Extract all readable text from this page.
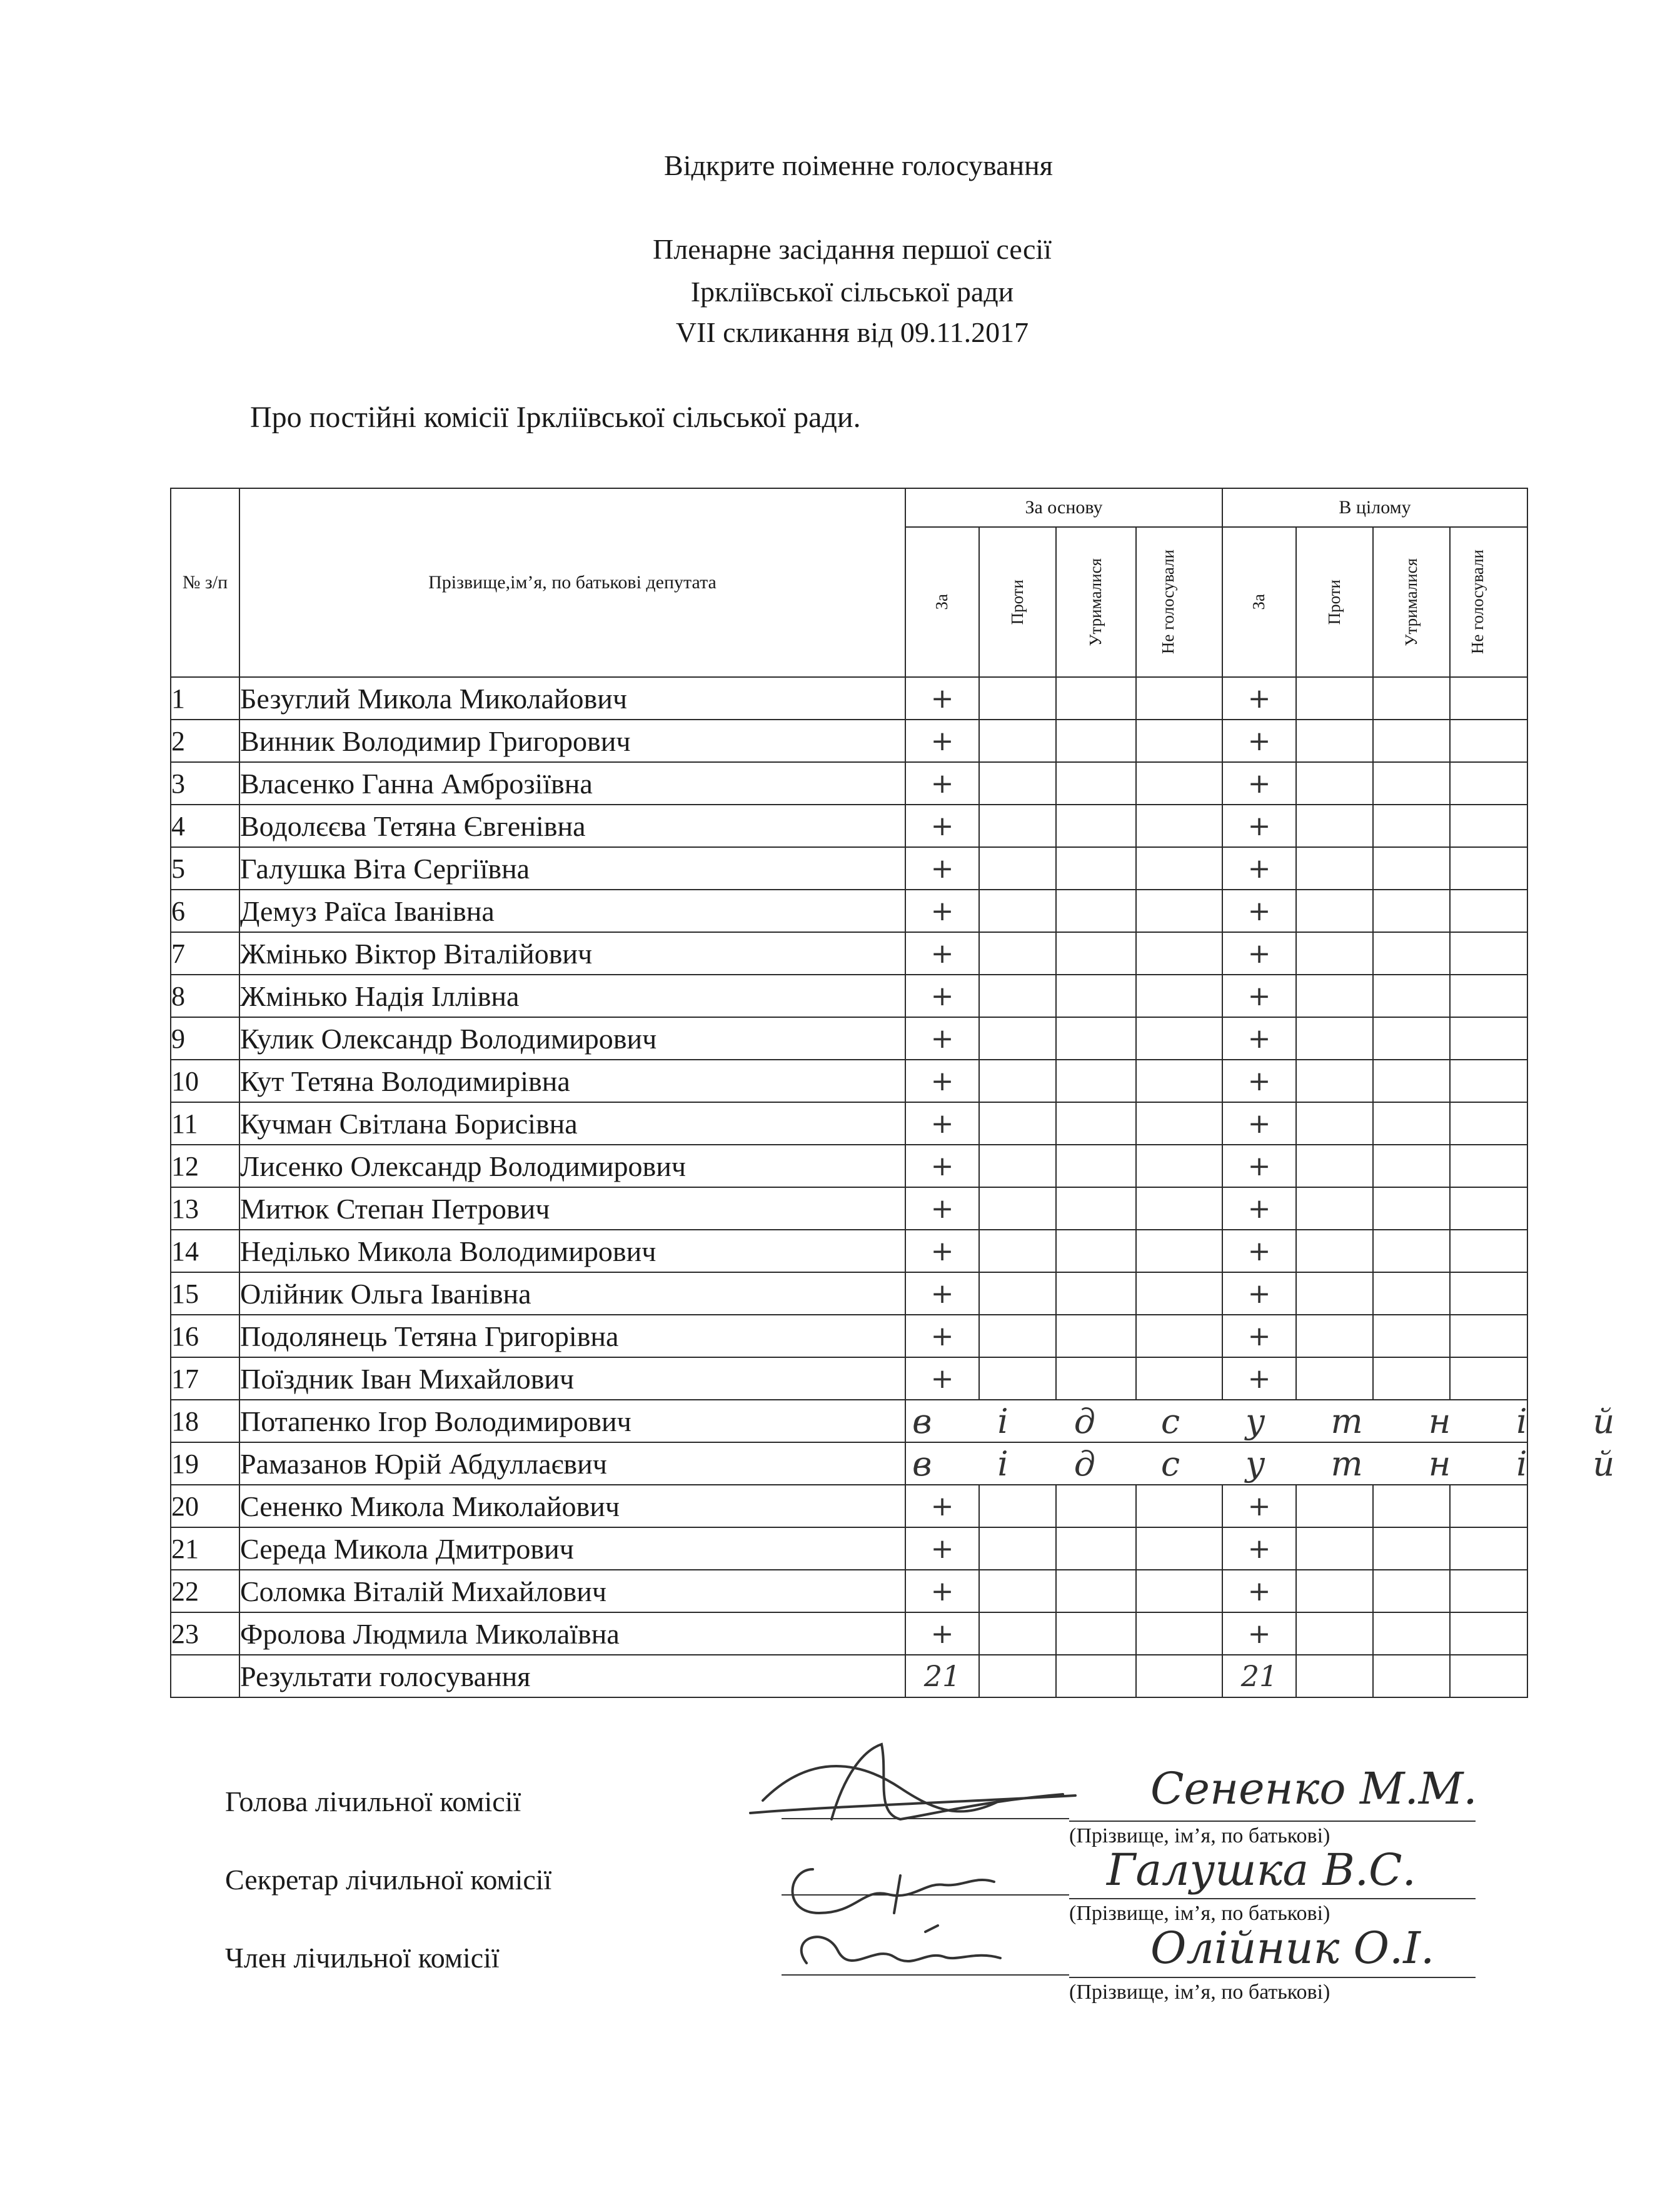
Відкрите поіменне голосування
Пленарне засідання першої сесії
Іркліївської сільської ради
VII скликання від 09.11.2017
Про постійні комісії Ірклiївської сільської ради.
№ з/п	Прізвище,ім’я, по батькові депутата	За основу				В цілому			

		За	Проти	Утрималися	Не голосували	За	Проти	Утрималися	Не голосували

1	Безуглий Микола Миколайович	+				+			
2	Винник Володимир Григорович	+				+			
3	Власенко Ганна Амброзіївна	+				+			
4	Водолєєва Тетяна Євгенівна	+				+			
5	Галушка Віта Сергіївна	+				+			
6	Демуз Раїса Іванівна	+				+			
7	Жмінько Віктор Віталійович	+				+			
8	Жмінько Надія Іллівна	+				+			
9	Кулик Олександр Володимирович	+				+			
10	Кут Тетяна Володимирівна	+				+			
11	Кучман Світлана Борисівна	+				+			
12	Лисенко Олександр Володимирович	+				+			
13	Митюк Степан Петрович	+				+			
14	Неділько Микола Володимирович	+				+			
15	Олійник Ольга Іванівна	+				+			
16	Подолянець Тетяна Григорівна	+				+			
17	Поїздник Іван Михайлович	+				+			
18	Потапенко Ігор Володимирович	відсутній							

19	Рамазанов Юрій Абдуллаєвич	відсутній							

20	Сененко Микола Миколайович	+				+			
21	Середа Микола Дмитрович	+				+			
22	Соломка Віталій Михайлович	+				+			
23	Фролова Людмила Миколаївна	+				+			
	Результати голосування	21				21			
Голова лічильної комісії	Сененко М.М.
(Прізвище, ім’я, по батькові)
Секретар лічильної комісії	Галушка В.С.
(Прізвище, ім’я, по батькові)
Член лічильної комісії	Олійник О.І.
(Прізвище, ім’я, по батькові)
